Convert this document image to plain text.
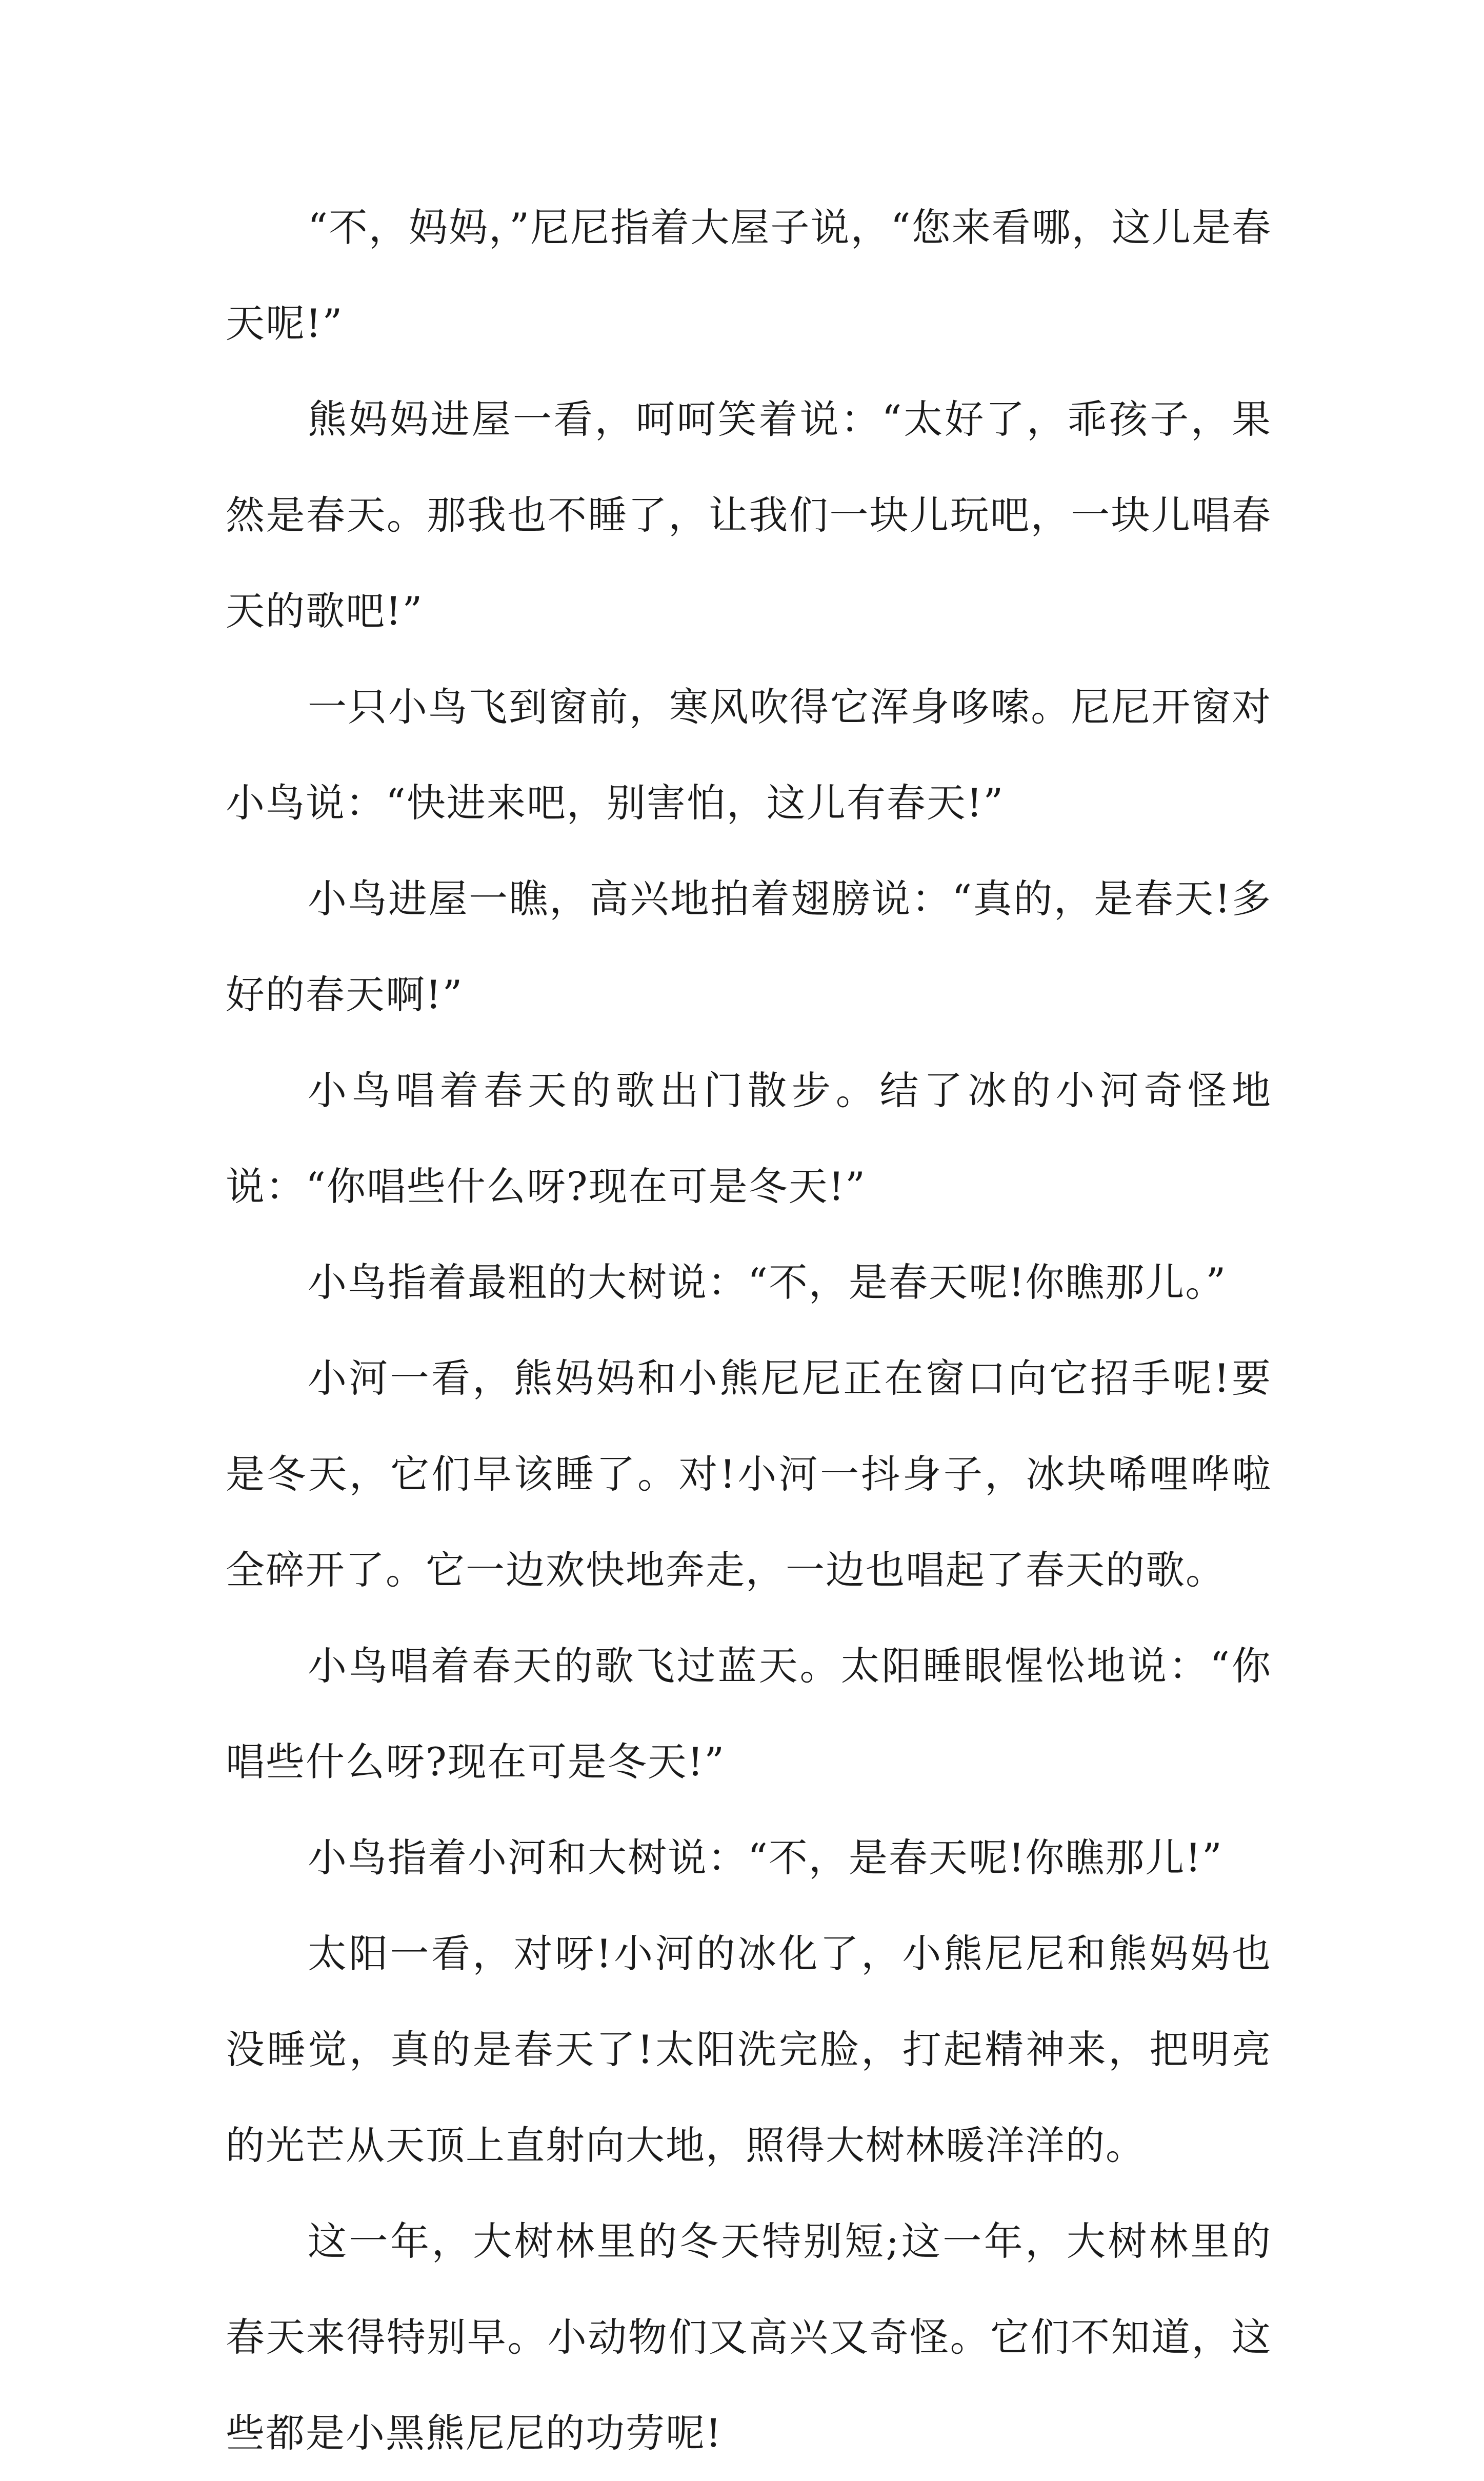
“不，妈妈，”尼尼指着大屋子说，“您来看哪，这儿是春天呢!”

熊妈妈进屋一看，呵呵笑着说：“太好了，乖孩子，果然是春天。那我也不睡了，让我们一块儿玩吧，一块儿唱春天的歌吧!”

一只小鸟飞到窗前，寒风吹得它浑身哆嗦。尼尼开窗对小鸟说：“快进来吧，别害怕，这儿有春天!”

小鸟进屋一瞧，高兴地拍着翅膀说：“真的，是春天!多好的春天啊!”

小鸟唱着春天的歌出门散步。结了冰的小河奇怪地说：“你唱些什么呀?现在可是冬天!”

小鸟指着最粗的大树说：“不，是春天呢!你瞧那儿。”

小河一看，熊妈妈和小熊尼尼正在窗口向它招手呢!要是冬天，它们早该睡了。对!小河一抖身子，冰块唏哩哗啦全碎开了。它一边欢快地奔走，一边也唱起了春天的歌。

小鸟唱着春天的歌飞过蓝天。太阳睡眼惺忪地说：“你唱些什么呀?现在可是冬天!”

小鸟指着小河和大树说：“不，是春天呢!你瞧那儿!”

太阳一看，对呀!小河的冰化了，小熊尼尼和熊妈妈也没睡觉，真的是春天了!太阳洗完脸，打起精神来，把明亮的光芒从天顶上直射向大地，照得大树林暖洋洋的。

这一年，大树林里的冬天特别短;这一年，大树林里的春天来得特别早。小动物们又高兴又奇怪。它们不知道，这些都是小黑熊尼尼的功劳呢!
